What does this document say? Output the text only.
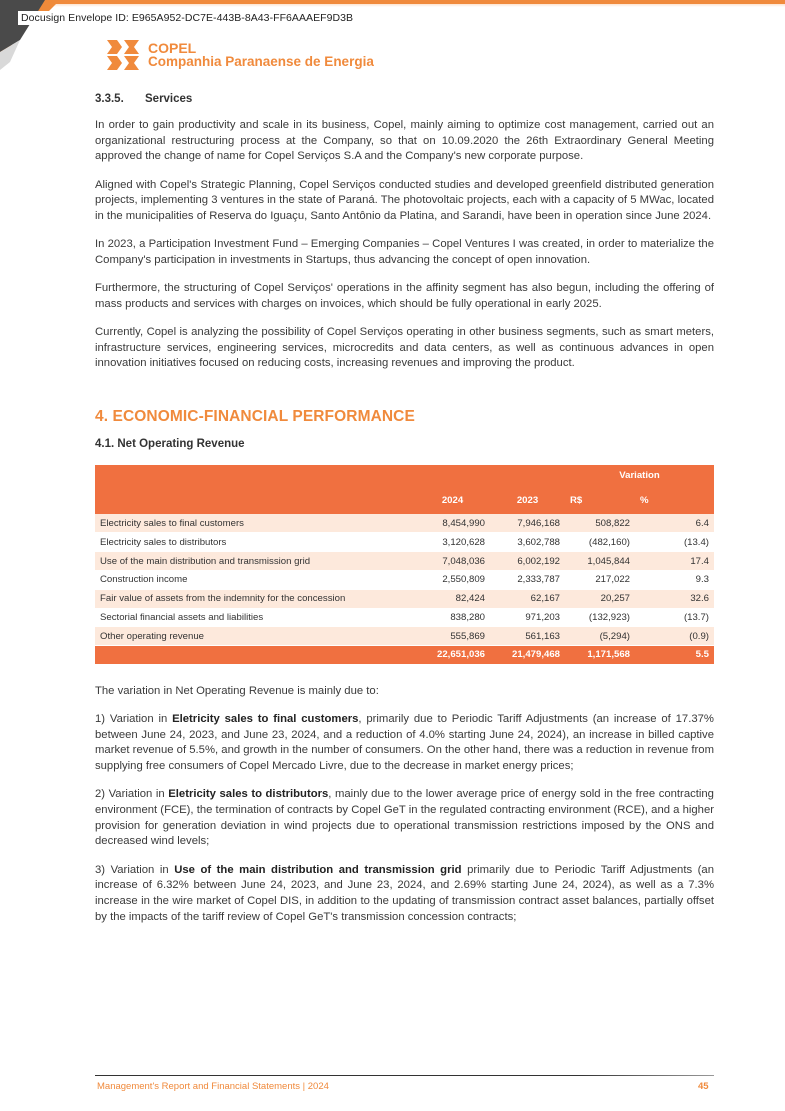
Docusign Envelope ID: E965A952-DC7E-443B-8A43-FF6AAAEF9D3B
COPEL
Companhia Paranaense de Energia
3.3.5. Services

In order to gain productivity and scale in its business, Copel, mainly aiming to optimize cost management, carried out an organizational restructuring process at the Company, so that on 10.09.2020 the 26th Extraordinary General Meeting approved the change of name for Copel Serviços S.A and the Company's new corporate purpose.

Aligned with Copel's Strategic Planning, Copel Serviços conducted studies and developed greenfield distributed generation projects, implementing 3 ventures in the state of Paraná. The photovoltaic projects, each with a capacity of 5 MWac, located in the municipalities of Reserva do Iguaçu, Santo Antônio da Platina, and Sarandi, have been in operation since June 2024.

In 2023, a Participation Investment Fund – Emerging Companies – Copel Ventures I was created, in order to materialize the Company's participation in investments in Startups, thus advancing the concept of open innovation.

Furthermore, the structuring of Copel Serviços' operations in the affinity segment has also begun, including the offering of mass products and services with charges on invoices, which should be fully operational in early 2025.

Currently, Copel is analyzing the possibility of Copel Serviços operating in other business segments, such as smart meters, infrastructure services, engineering services, microcredits and data centers, as well as continuous advances in open innovation initiatives focused on reducing costs, increasing revenues and improving the product.

4. ECONOMIC-FINANCIAL PERFORMANCE
4.1. Net Operating Revenue
			Variation	
	2024	2023	R$	%
Electricity sales to final customers	8,454,990	7,946,168	508,822	6.4
Electricity sales to distributors	3,120,628	3,602,788	(482,160)	(13.4)
Use of the main distribution and transmission grid	7,048,036	6,002,192	1,045,844	17.4
Construction income	2,550,809	2,333,787	217,022	9.3
Fair value of assets from the indemnity for the concession	82,424	62,167	20,257	32.6
Sectorial financial assets and liabilities	838,280	971,203	(132,923)	(13.7)
Other operating revenue	555,869	561,163	(5,294)	(0.9)
	22,651,036	21,479,468	1,171,568	5.5

The variation in Net Operating Revenue is mainly due to:

1) Variation in Eletricity sales to final customers, primarily due to Periodic Tariff Adjustments (an increase of 17.37% between June 24, 2023, and June 23, 2024, and a reduction of 4.0% starting June 24, 2024), an increase in billed captive market revenue of 5.5%, and growth in the number of consumers. On the other hand, there was a reduction in revenue from supplying free consumers of Copel Mercado Livre, due to the decrease in market energy prices;

2) Variation in Eletricity sales to distributors, mainly due to the lower average price of energy sold in the free contracting environment (FCE), the termination of contracts by Copel GeT in the regulated contracting environment (RCE), and a higher provision for generation deviation in wind projects due to operational transmission restrictions imposed by the ONS and decreased wind levels;

3) Variation in Use of the main distribution and transmission grid primarily due to Periodic Tariff Adjustments (an increase of 6.32% between June 24, 2023, and June 23, 2024, and 2.69% starting June 24, 2024), as well as a 7.3% increase in the wire market of Copel DIS, in addition to the updating of transmission contract asset balances, partially offset by the impacts of the tariff review of Copel GeT's transmission concession contracts;

Management's Report and Financial Statements | 2024	45
